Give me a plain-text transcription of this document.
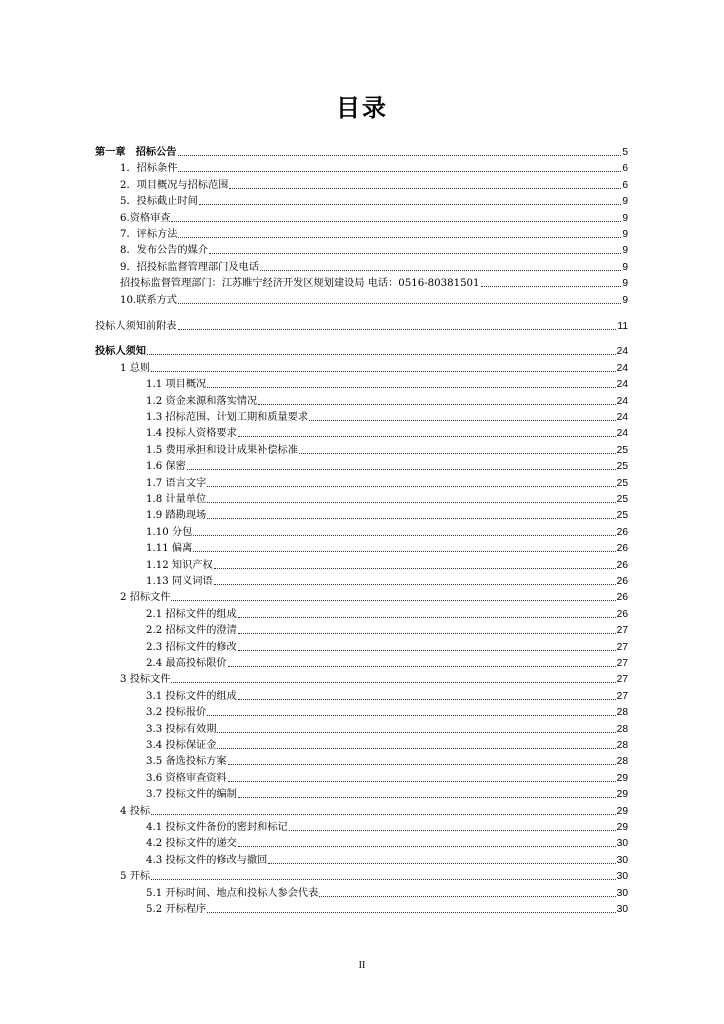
目录
第一章　招标公告	5
1．招标条件	6
2．项目概况与招标范围	6
5．投标截止时间	9
6.资格审查	9
7．评标方法	9
8．发布公告的媒介	9
9．招投标监督管理部门及电话	9
招投标监督管理部门：江苏睢宁经济开发区规划建设局 电话：0516-80381501	9
10.联系方式	9
投标人须知前附表	11
投标人须知	24
1 总则	24
1.1 项目概况	24
1.2 资金来源和落实情况	24
1.3 招标范围、计划工期和质量要求	24
1.4 投标人资格要求	24
1.5 费用承担和设计成果补偿标准	25
1.6 保密	25
1.7 语言文字	25
1.8 计量单位	25
1.9 踏勘现场	25
1.10 分包	26
1.11 偏离	26
1.12 知识产权	26
1.13 同义词语	26
2 招标文件	26
2.1 招标文件的组成	26
2.2 招标文件的澄清	27
2.3 招标文件的修改	27
2.4 最高投标限价	27
3 投标文件	27
3.1 投标文件的组成	27
3.2 投标报价	28
3.3 投标有效期	28
3.4 投标保证金	28
3.5 备选投标方案	28
3.6 资格审查资料	29
3.7 投标文件的编制	29
4 投标	29
4.1 投标文件备份的密封和标记	29
4.2 投标文件的递交	30
4.3 投标文件的修改与撤回	30
5 开标	30
5.1 开标时间、地点和投标人参会代表	30
5.2 开标程序	30
II
